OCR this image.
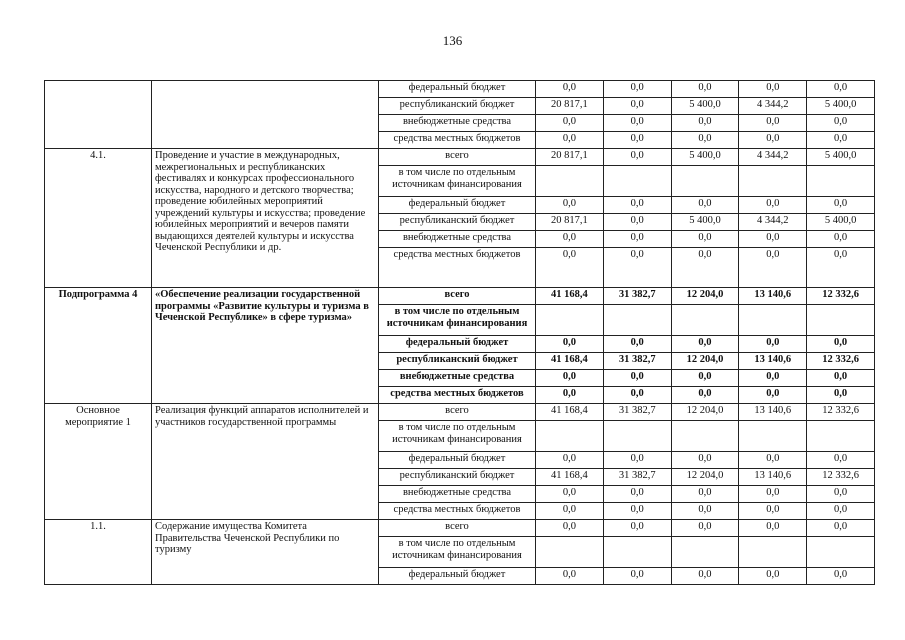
136
		федеральный бюджет	0,0	0,0	0,0	0,0	0,0
		республиканский бюджет	20 817,1	0,0	5 400,0	4 344,2	5 400,0
		внебюджетные средства	0,0	0,0	0,0	0,0	0,0
		средства местных бюджетов	0,0	0,0	0,0	0,0	0,0
4.1.	Проведение и участие в международных, межрегиональных и республиканских фестивалях и конкурсах профессионального искусства, народного и детского творчества; проведение юбилейных мероприятий учреждений культуры и искусства; проведение юбилейных мероприятий и вечеров памяти выдающихся деятелей культуры и искусства Чеченской Республики и др.	всего	20 817,1	0,0	5 400,0	4 344,2	5 400,0
		в том числе по отдельным источникам финансирования					
		федеральный бюджет	0,0	0,0	0,0	0,0	0,0
		республиканский бюджет	20 817,1	0,0	5 400,0	4 344,2	5 400,0
		внебюджетные средства	0,0	0,0	0,0	0,0	0,0
		средства местных бюджетов	0,0	0,0	0,0	0,0	0,0
Подпрограмма 4	«Обеспечение реализации государственной программы «Развитие культуры и туризма в Чеченской Республике» в сфере туризма»	всего	41 168,4	31 382,7	12 204,0	13 140,6	12 332,6
		в том числе по отдельным источникам финансирования					
		федеральный бюджет	0,0	0,0	0,0	0,0	0,0
		республиканский бюджет	41 168,4	31 382,7	12 204,0	13 140,6	12 332,6
		внебюджетные средства	0,0	0,0	0,0	0,0	0,0
		средства местных бюджетов	0,0	0,0	0,0	0,0	0,0
Основное мероприятие 1	Реализация функций аппаратов исполнителей и участников государственной программы	всего	41 168,4	31 382,7	12 204,0	13 140,6	12 332,6
		в том числе по отдельным источникам финансирования					
		федеральный бюджет	0,0	0,0	0,0	0,0	0,0
		республиканский бюджет	41 168,4	31 382,7	12 204,0	13 140,6	12 332,6
		внебюджетные средства	0,0	0,0	0,0	0,0	0,0
		средства местных бюджетов	0,0	0,0	0,0	0,0	0,0
1.1.	Содержание имущества Комитета Правительства Чеченской Республики по туризму	всего	0,0	0,0	0,0	0,0	0,0
		в том числе по отдельным источникам финансирования					
		федеральный бюджет	0,0	0,0	0,0	0,0	0,0
